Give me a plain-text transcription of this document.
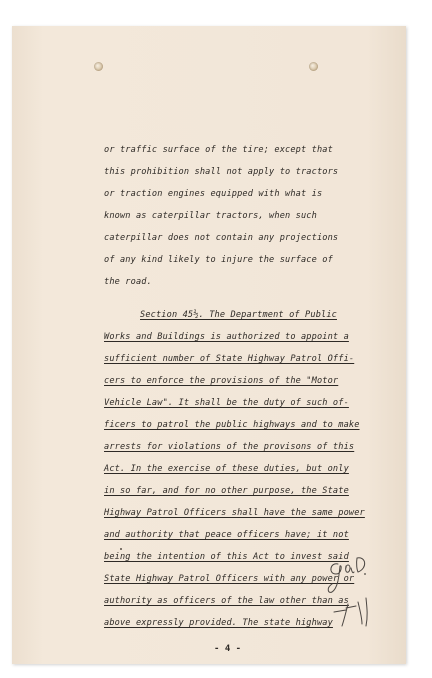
or traffic surface of the tire; except that
this prohibition shall not apply to tractors
or traction engines equipped with what is
known as caterpillar tractors, when such
caterpillar does not contain any projections
of any kind likely to injure the surface of
the road.
Section 45½. The Department of Public
Works and Buildings is authorized to appoint a
sufficient number of State Highway Patrol Offi-
cers to enforce the provisions of the "Motor
Vehicle Law". It shall be the duty of such of-
ficers to patrol the public highways and to make
arrests for violations of the provisons of this
Act. In the exercise of these duties, but only
in so far, and for no other purpose, the State
Highway Patrol Officers shall have the same power
and authority that peace officers have; it not
being the intention of this Act to invest said
State Highway Patrol Officers with any power or
authority as officers of the law other than as
above expressly provided. The state highway
- 4 -
